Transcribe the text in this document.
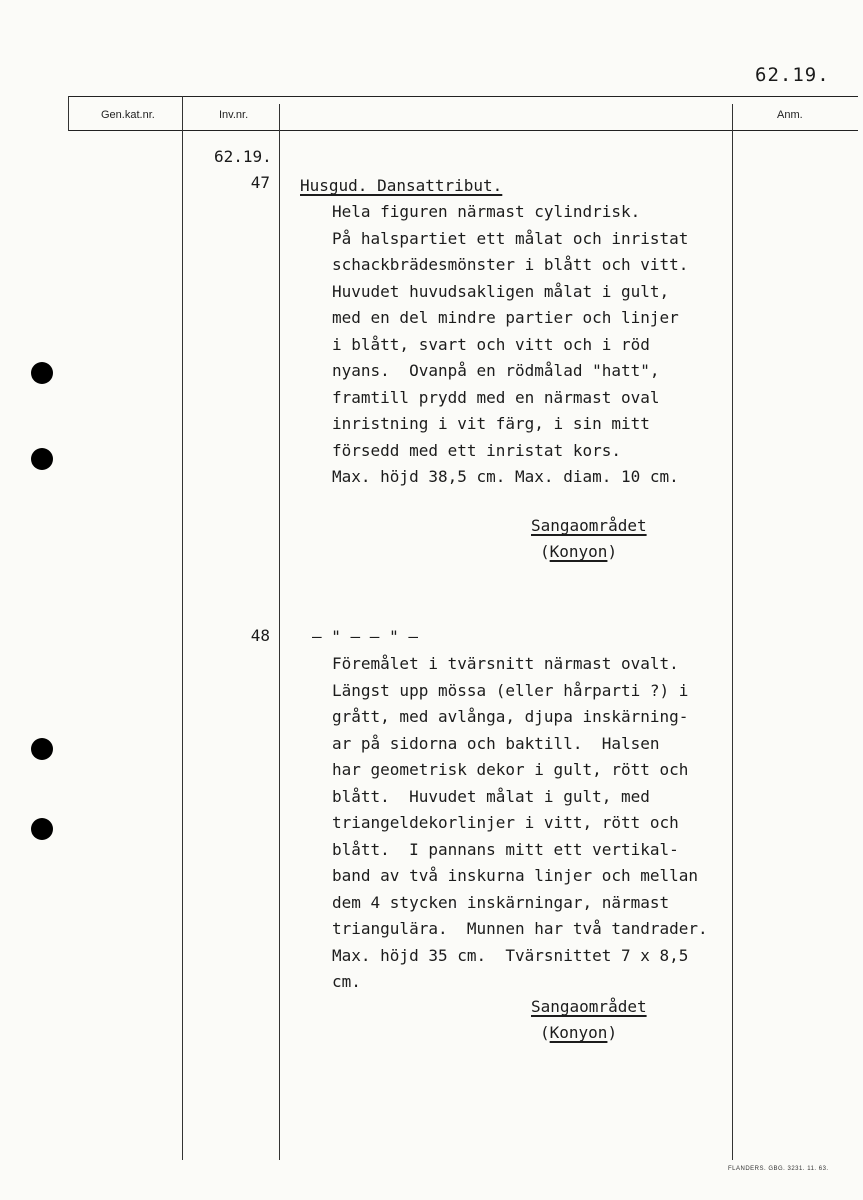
62.19.
Gen.kat.nr.	Inv.nr.	Anm.
62.19.
47 Husgud. Dansattribut.
Hela figuren närmast cylindrisk.
På halspartiet ett målat och inristat
schackbrädesmönster i blått och vitt.
Huvudet huvudsakligen målat i gult,
med en del mindre partier och linjer
i blått, svart och vitt och i röd
nyans.  Ovanpå en rödmålad "hatt",
framtill prydd med en närmast oval
inristning i vit färg, i sin mitt
försedd med ett inristat kors.
Max. höjd 38,5 cm. Max. diam. 10 cm.
Sangaområdet
(Konyon)
48	– " – – " –
Föremålet i tvärsnitt närmast ovalt.
Längst upp mössa (eller hårparti ?) i
grått, med avlånga, djupa inskärning-
ar på sidorna och baktill.  Halsen
har geometrisk dekor i gult, rött och
blått.  Huvudet målat i gult, med
triangeldekorlinjer i vitt, rött och
blått.  I pannans mitt ett vertikal-
band av två inskurna linjer och mellan
dem 4 stycken inskärningar, närmast
triangulära.  Munnen har två tandrader.
Max. höjd 35 cm.  Tvärsnittet 7 x 8,5
cm.
Sangaområdet
(Konyon)
FLANDERS. GBG. 3231. 11. 63.
